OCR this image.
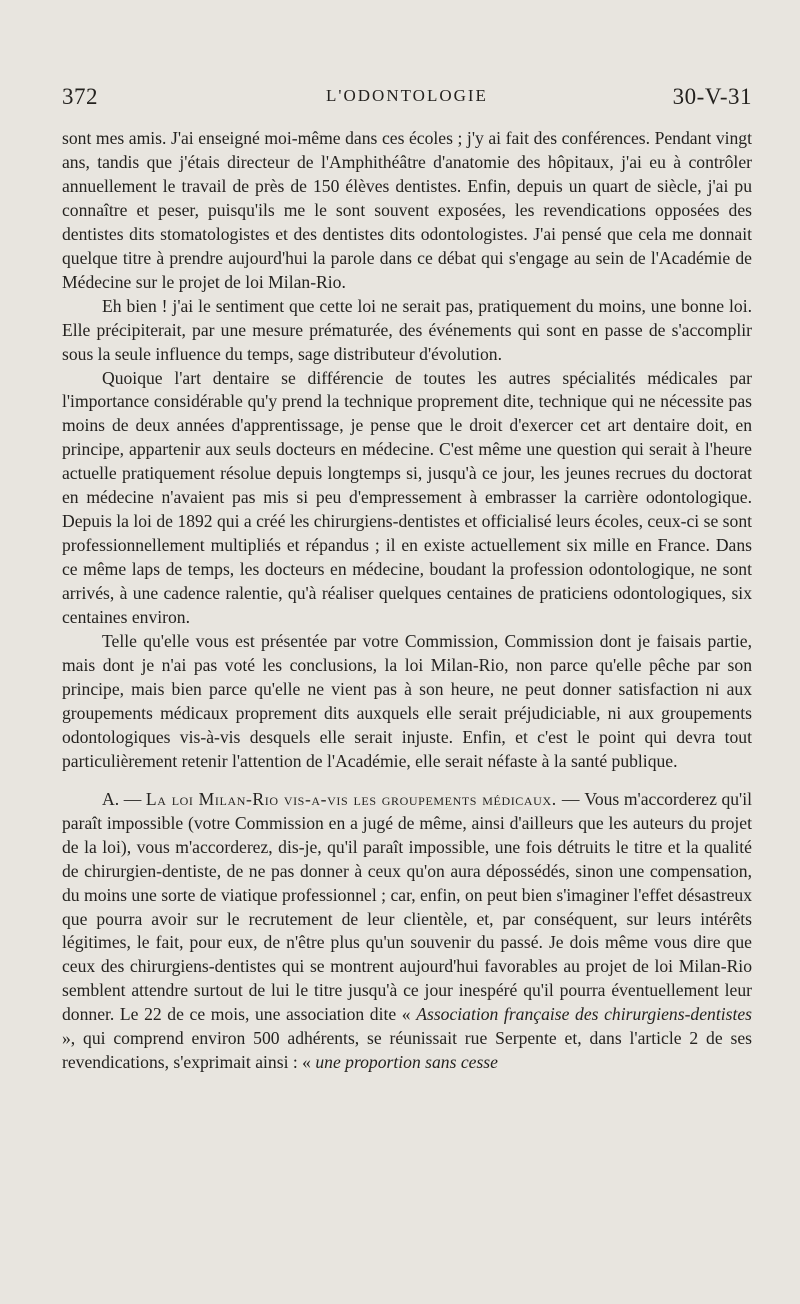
372	L'ODONTOLOGIE	30-V-31

sont mes amis. J'ai enseigné moi-même dans ces écoles ; j'y ai fait des conférences. Pendant vingt ans, tandis que j'étais directeur de l'Amphithéâtre d'anatomie des hôpitaux, j'ai eu à contrôler annuellement le travail de près de 150 élèves dentistes. Enfin, depuis un quart de siècle, j'ai pu connaître et peser, puisqu'ils me le sont souvent exposées, les revendications opposées des dentistes dits stomatologistes et des dentistes dits odontologistes. J'ai pensé que cela me donnait quelque titre à prendre aujourd'hui la parole dans ce débat qui s'engage au sein de l'Académie de Médecine sur le projet de loi Milan-Rio.

Eh bien ! j'ai le sentiment que cette loi ne serait pas, pratiquement du moins, une bonne loi. Elle précipiterait, par une mesure prématurée, des événements qui sont en passe de s'accomplir sous la seule influence du temps, sage distributeur d'évolution.

Quoique l'art dentaire se différencie de toutes les autres spécialités médicales par l'importance considérable qu'y prend la technique proprement dite, technique qui ne nécessite pas moins de deux années d'apprentissage, je pense que le droit d'exercer cet art dentaire doit, en principe, appartenir aux seuls docteurs en médecine. C'est même une question qui serait à l'heure actuelle pratiquement résolue depuis longtemps si, jusqu'à ce jour, les jeunes recrues du doctorat en médecine n'avaient pas mis si peu d'empressement à embrasser la carrière odontologique. Depuis la loi de 1892 qui a créé les chirurgiens-dentistes et officialisé leurs écoles, ceux-ci se sont professionnellement multipliés et répandus ; il en existe actuellement six mille en France. Dans ce même laps de temps, les docteurs en médecine, boudant la profession odontologique, ne sont arrivés, à une cadence ralentie, qu'à réaliser quelques centaines de praticiens odontologiques, six centaines environ.

Telle qu'elle vous est présentée par votre Commission, Commission dont je faisais partie, mais dont je n'ai pas voté les conclusions, la loi Milan-Rio, non parce qu'elle pêche par son principe, mais bien parce qu'elle ne vient pas à son heure, ne peut donner satisfaction ni aux groupements médicaux proprement dits auxquels elle serait préjudiciable, ni aux groupements odontologiques vis-à-vis desquels elle serait injuste. Enfin, et c'est le point qui devra tout particulièrement retenir l'attention de l'Académie, elle serait néfaste à la santé publique.

A. — La loi Milan-Rio vis-a-vis les groupements médicaux. — Vous m'accorderez qu'il paraît impossible (votre Commission en a jugé de même, ainsi d'ailleurs que les auteurs du projet de la loi), vous m'accorderez, dis-je, qu'il paraît impossible, une fois détruits le titre et la qualité de chirurgien-dentiste, de ne pas donner à ceux qu'on aura dépossédés, sinon une compensation, du moins une sorte de viatique professionnel ; car, enfin, on peut bien s'imaginer l'effet désastreux que pourra avoir sur le recrutement de leur clientèle, et, par conséquent, sur leurs intérêts légitimes, le fait, pour eux, de n'être plus qu'un souvenir du passé. Je dois même vous dire que ceux des chirurgiens-dentistes qui se montrent aujourd'hui favorables au projet de loi Milan-Rio semblent attendre surtout de lui le titre jusqu'à ce jour inespéré qu'il pourra éventuellement leur donner. Le 22 de ce mois, une association dite « Association française des chirurgiens-dentistes », qui comprend environ 500 adhérents, se réunissait rue Serpente et, dans l'article 2 de ses revendications, s'exprimait ainsi : « une proportion sans cesse
